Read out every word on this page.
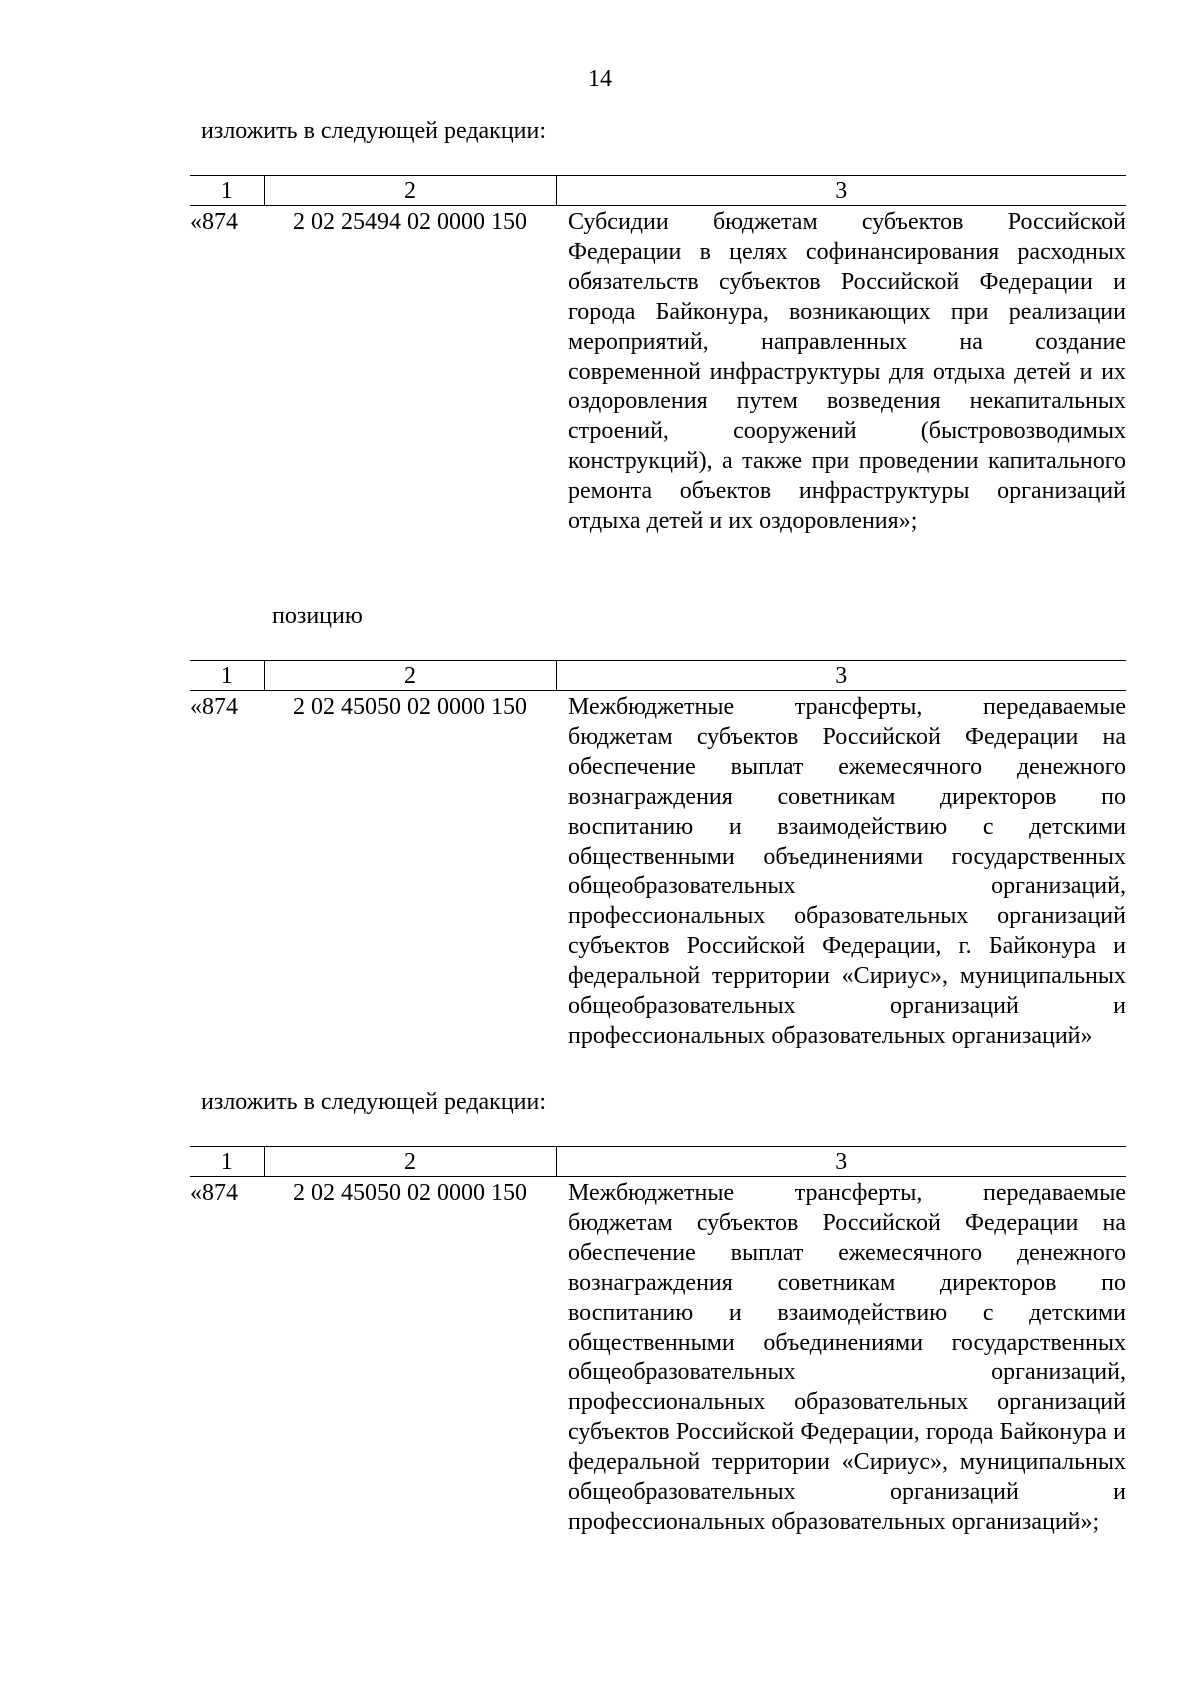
14
изложить в следующей редакции:
1	2	3
«874	2 02 25494 02 0000 150	Субсидии бюджетам субъектов Российской Федерации в целях софинансирования расходных обязательств субъектов Российской Федерации и города Байконура, возникающих при реализации мероприятий, направленных на создание современной инфраструктуры для отдыха детей и их оздоровления путем возведения некапитальных строений, сооружений (быстровозводимых конструкций), а также при проведении капитального ремонта объектов инфраструктуры организаций отдыха детей и их оздоровления»;
позицию
1	2	3
«874	2 02 45050 02 0000 150	Межбюджетные трансферты, передаваемые бюджетам субъектов Российской Федерации на обеспечение выплат ежемесячного денежного вознаграждения советникам директоров по воспитанию и взаимодействию с детскими общественными объединениями государственных общеобразовательных организаций, профессиональных образовательных организаций субъектов Российской Федерации, г. Байконура и федеральной территории «Сириус», муниципальных общеобразовательных организаций и профессиональных образовательных организаций»
изложить в следующей редакции:
1	2	3
«874	2 02 45050 02 0000 150	Межбюджетные трансферты, передаваемые бюджетам субъектов Российской Федерации на обеспечение выплат ежемесячного денежного вознаграждения советникам директоров по воспитанию и взаимодействию с детскими общественными объединениями государственных общеобразовательных организаций, профессиональных образовательных организаций субъектов Российской Федерации, города Байконура и федеральной территории «Сириус», муниципальных общеобразовательных организаций и профессиональных образовательных организаций»;
